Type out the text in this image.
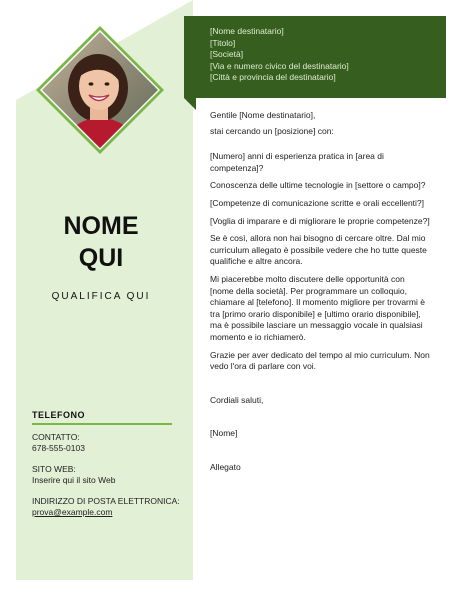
NOME
QUI
QUALIFICA QUI
TELEFONO
CONTATTO:
678-555-0103
SITO WEB:
Inserire qui il sito Web
INDIRIZZO DI POSTA ELETTRONICA:
prova@example.com
[Nome destinatario]
[Titolo]
[Società]
[Via e numero civico del destinatario]
[Città e provincia del destinatario]

Gentile [Nome destinatario],

stai cercando un [posizione] con:

[Numero] anni di esperienza pratica in [area di competenza]?

Conoscenza delle ultime tecnologie in [settore o campo]?

[Competenze di comunicazione scritte e orali eccellenti?]

[Voglia di imparare e di migliorare le proprie competenze?]

Se è così, allora non hai bisogno di cercare oltre. Dal mio curriculum allegato è possibile vedere che ho tutte queste qualifiche e altre ancora.

Mi piacerebbe molto discutere delle opportunità con [nome della società]. Per programmare un colloquio, chiamare al [telefono]. Il momento migliore per trovarmi è tra [primo orario disponibile] e [ultimo orario disponibile], ma è possibile lasciare un messaggio vocale in qualsiasi momento e io richiamerò.

Grazie per aver dedicato del tempo al mio curriculum. Non vedo l'ora di parlare con voi.

Cordiali saluti,

[Nome]

Allegato
